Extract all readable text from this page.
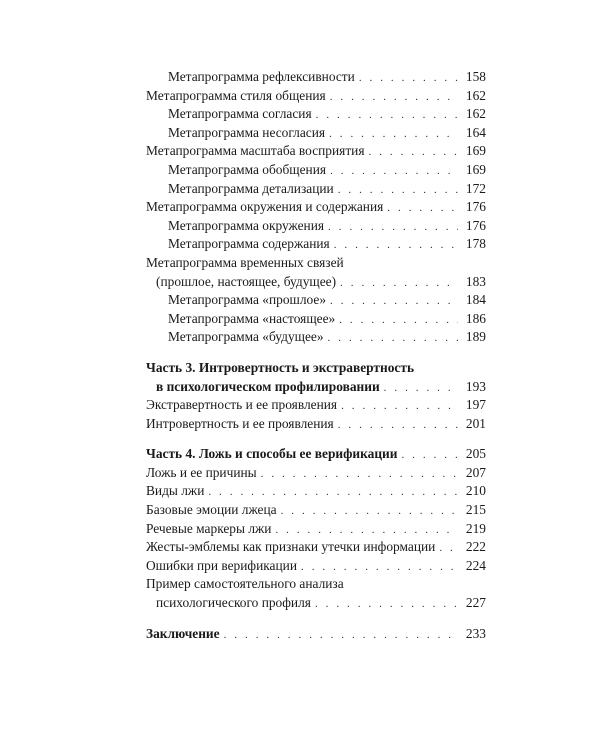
Метапрограмма рефлексивности . . .	158
Метапрограмма стиля общения . . .	162
Метапрограмма согласия . . .	162
Метапрограмма несогласия . . .	164
Метапрограмма масштаба восприятия . . .	169
Метапрограмма обобщения . . .	169
Метапрограмма детализации . . .	172
Метапрограмма окружения и содержания . . .	176
Метапрограмма окружения . . .	176
Метапрограмма содержания . . .	178
Метапрограмма временных связей
(прошлое, настоящее, будущее) . . .	183
Метапрограмма «прошлое» . . .	184
Метапрограмма «настоящее» . . .	186
Метапрограмма «будущее» . . .	189
Часть 3. Интровертность и экстравертность
в психологическом профилировании . . .	193
Экстравертность и ее проявления . . .	197
Интровертность и ее проявления . . .	201
Часть 4. Ложь и способы ее верификации . . .	205
Ложь и ее причины . . .	207
Виды лжи . . .	210
Базовые эмоции лжеца . . .	215
Речевые маркеры лжи . . .	219
Жесты-эмблемы как признаки утечки информации . . . 222
Ошибки при верификации . . .	224
Пример самостоятельного анализа
психологического профиля . . .	227
Заключение . . .	233
